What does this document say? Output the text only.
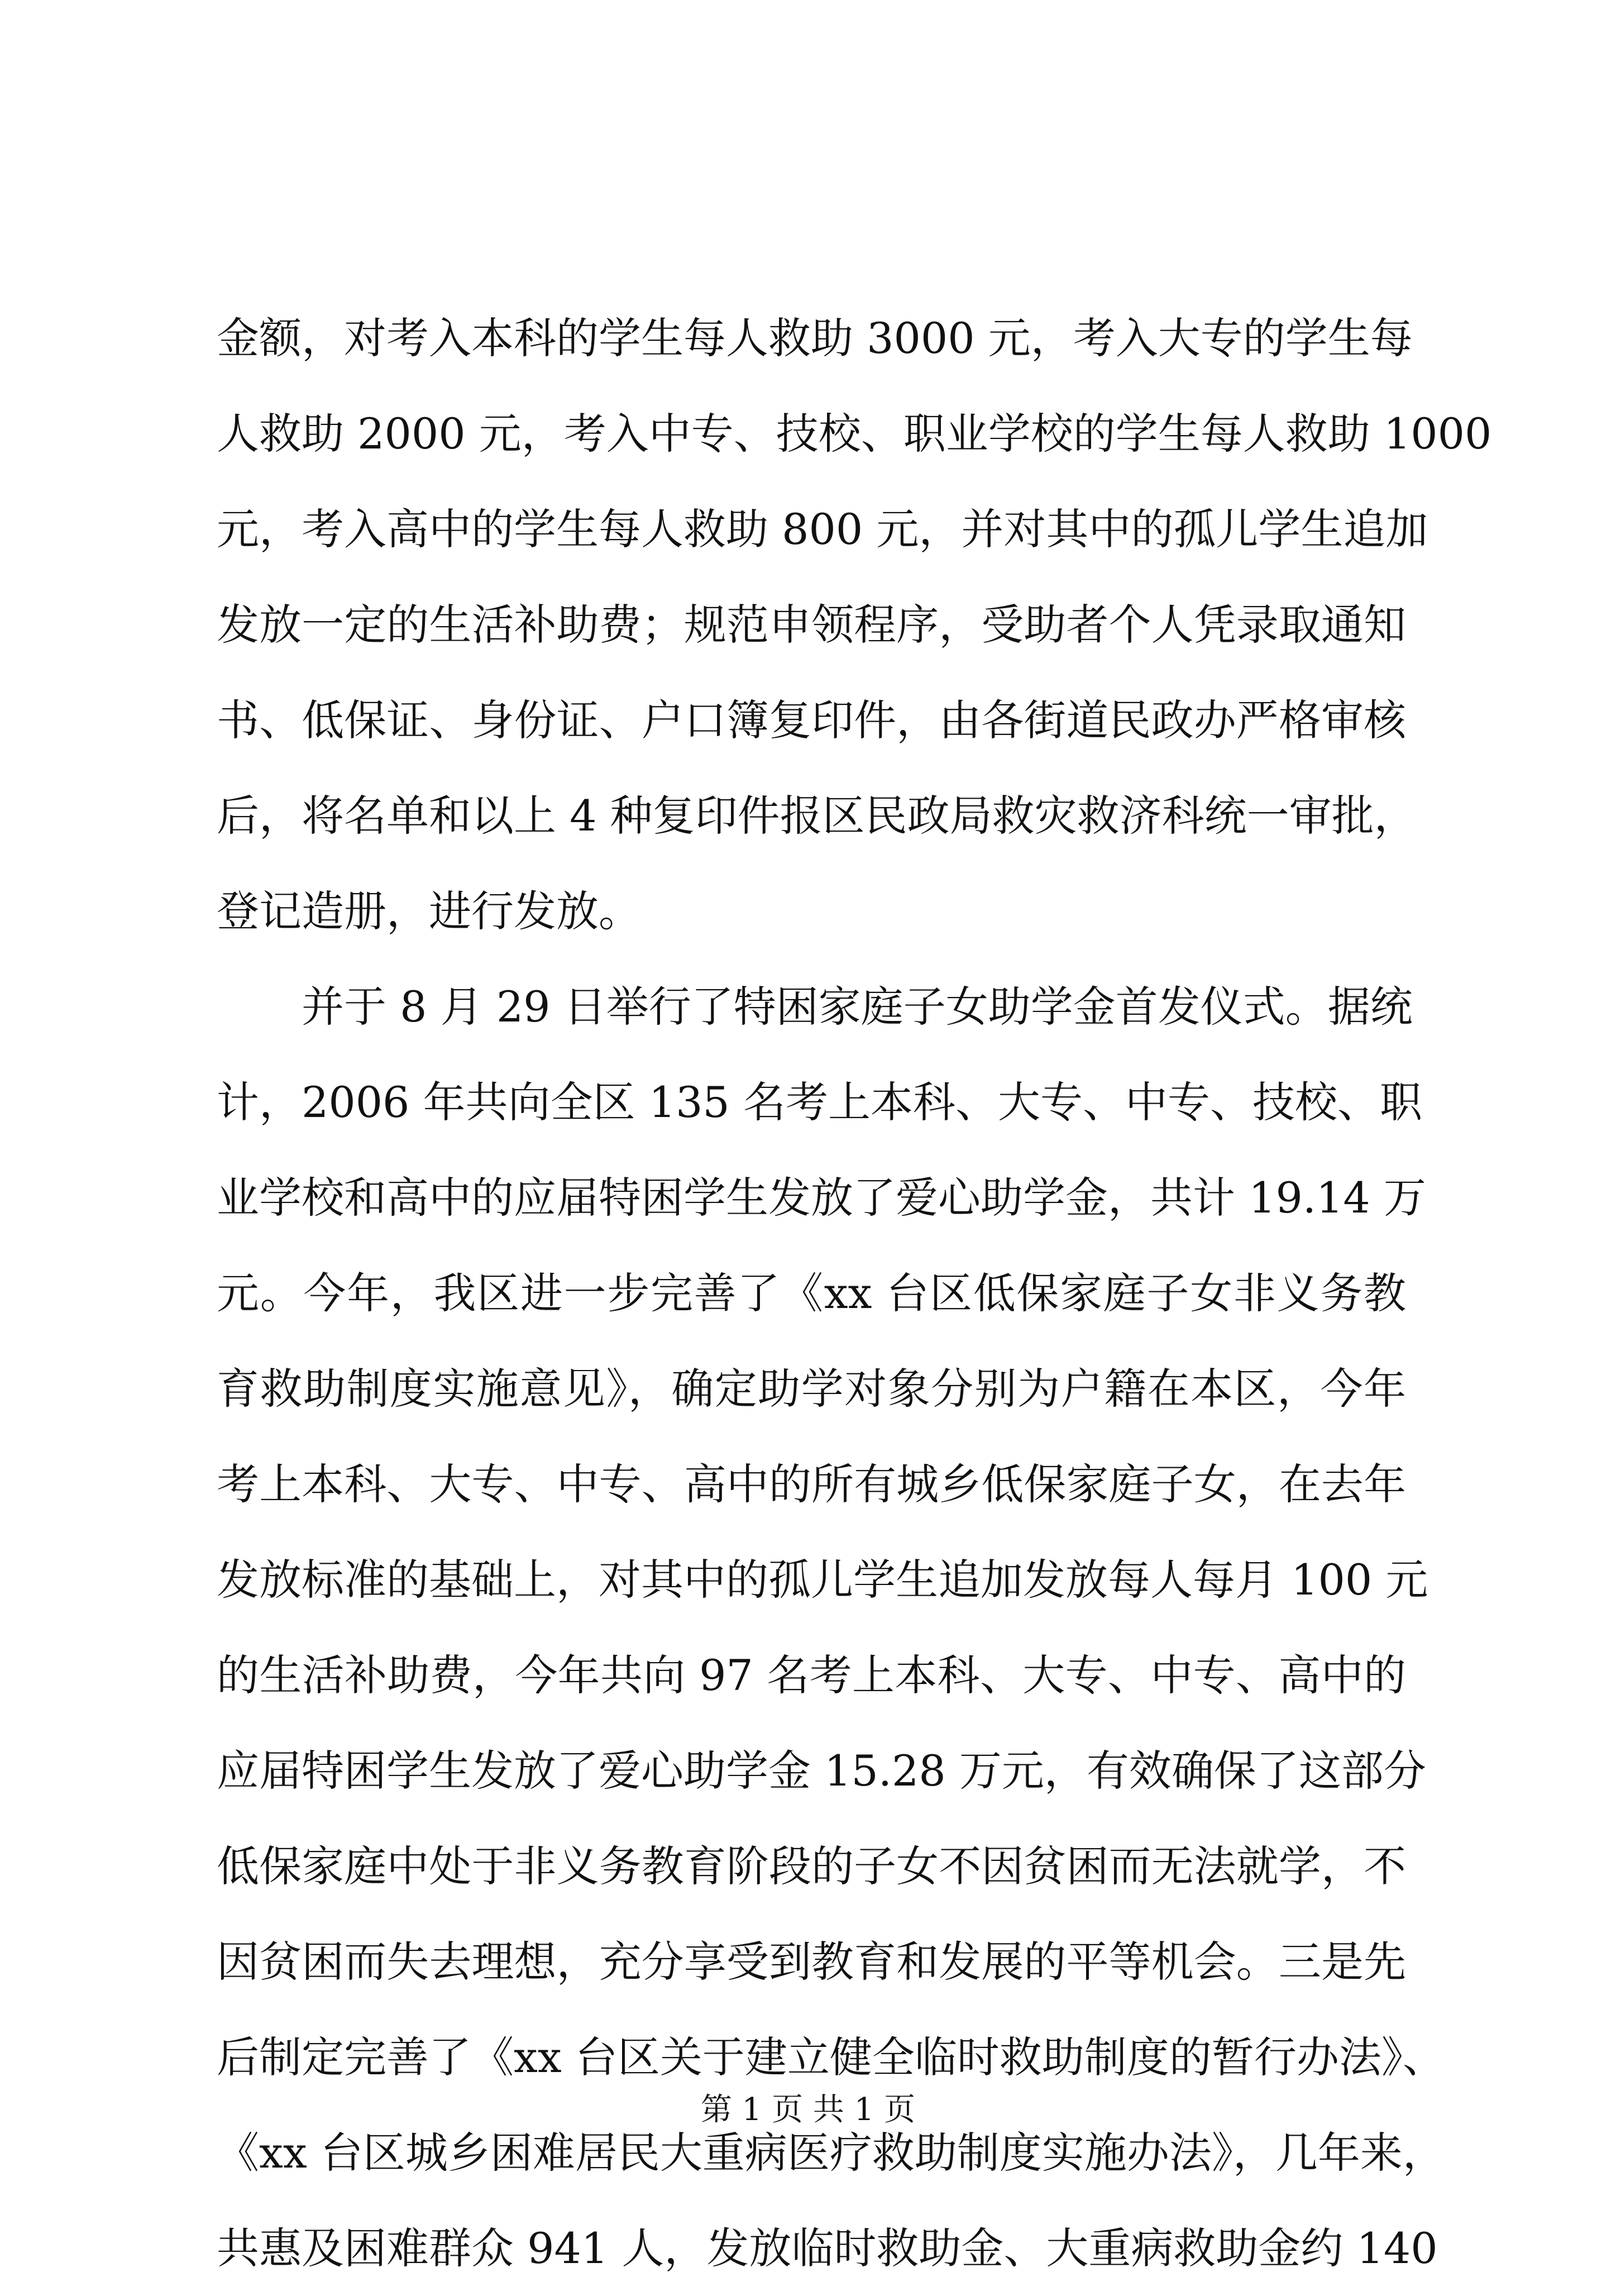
金额，对考入本科的学生每人救助 3000 元，考入大专的学生每
人救助 2000 元，考入中专、技校、职业学校的学生每人救助 1000
元，考入高中的学生每人救助 800 元，并对其中的孤儿学生追加
发放一定的生活补助费；规范申领程序，受助者个人凭录取通知
书、低保证、身份证、户口簿复印件，由各街道民政办严格审核
后，将名单和以上 4 种复印件报区民政局救灾救济科统一审批，
登记造册，进行发放。
并于 8 月 29 日举行了特困家庭子女助学金首发仪式。据统
计，2006 年共向全区 135 名考上本科、大专、中专、技校、职
业学校和高中的应届特困学生发放了爱心助学金，共计 19.14 万
元。今年，我区进一步完善了《xx 台区低保家庭子女非义务教
育救助制度实施意见》，确定助学对象分别为户籍在本区，今年
考上本科、大专、中专、高中的所有城乡低保家庭子女，在去年
发放标准的基础上，对其中的孤儿学生追加发放每人每月 100 元
的生活补助费，今年共向 97 名考上本科、大专、中专、高中的
应届特困学生发放了爱心助学金 15.28 万元，有效确保了这部分
低保家庭中处于非义务教育阶段的子女不因贫困而无法就学，不
因贫困而失去理想，充分享受到教育和发展的平等机会。三是先
后制定完善了《xx 台区关于建立健全临时救助制度的暂行办法》、
《xx 台区城乡困难居民大重病医疗救助制度实施办法》，几年来，
共惠及困难群众 941 人，发放临时救助金、大重病救助金约 140
第 1 页 共 1 页
